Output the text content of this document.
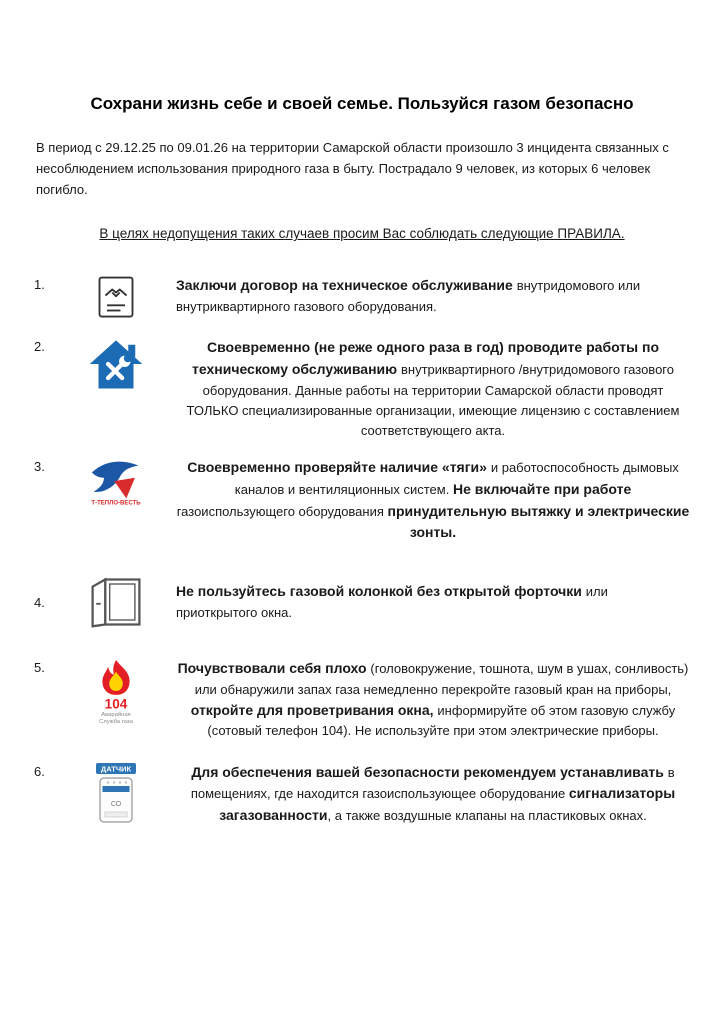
Сохрани жизнь себе и своей семье. Пользуйся газом безопасно

В период с 29.12.25 по 09.01.26 на территории Самарской области произошло 3 инцидента связанных с несоблюдением использования природного газа в быту. Пострадало 9 человек, из которых 6 человек погибло.

В целях недопущения таких случаев просим Вас соблюдать следующие ПРАВИЛА.

1.	Заключи договор на техническое обслуживание внутридомового или внутриквартирного газового оборудования.
2.	Своевременно (не реже одного раза в год) проводите работы по техническому обслуживанию внутриквартирного /внутридомового газового оборудования. Данные работы на территории Самарской области проводят ТОЛЬКО специализированные организации, имеющие лицензию с составлением соответствующего акта.
3.
Т-ТЕПЛО-ВЕСТЬ
Своевременно проверяйте наличие «тяги» и работоспособность дымовых каналов и вентиляционных систем. Не включайте при работе газоиспользующего оборудования принудительную вытяжку и электрические зонты.
4.
Не пользуйтесь газовой колонкой без открытой форточки или приоткрытого окна.
5.
104
Аварийная
Служба газа
Почувствовали себя плохо (головокружение, тошнота, шум в ушах, сонливость) или обнаружили запах газа немедленно перекройте газовый кран на приборы, откройте для проветривания окна, информируйте об этом газовую службу (сотовый телефон 104). Не используйте при этом электрические приборы.
6.	ДАТЧИК
СО
Для обеспечения вашей безопасности рекомендуем устанавливать в помещениях, где находится газоиспользующее оборудование сигнализаторы загазованности, а также воздушные клапаны на пластиковых окнах.
